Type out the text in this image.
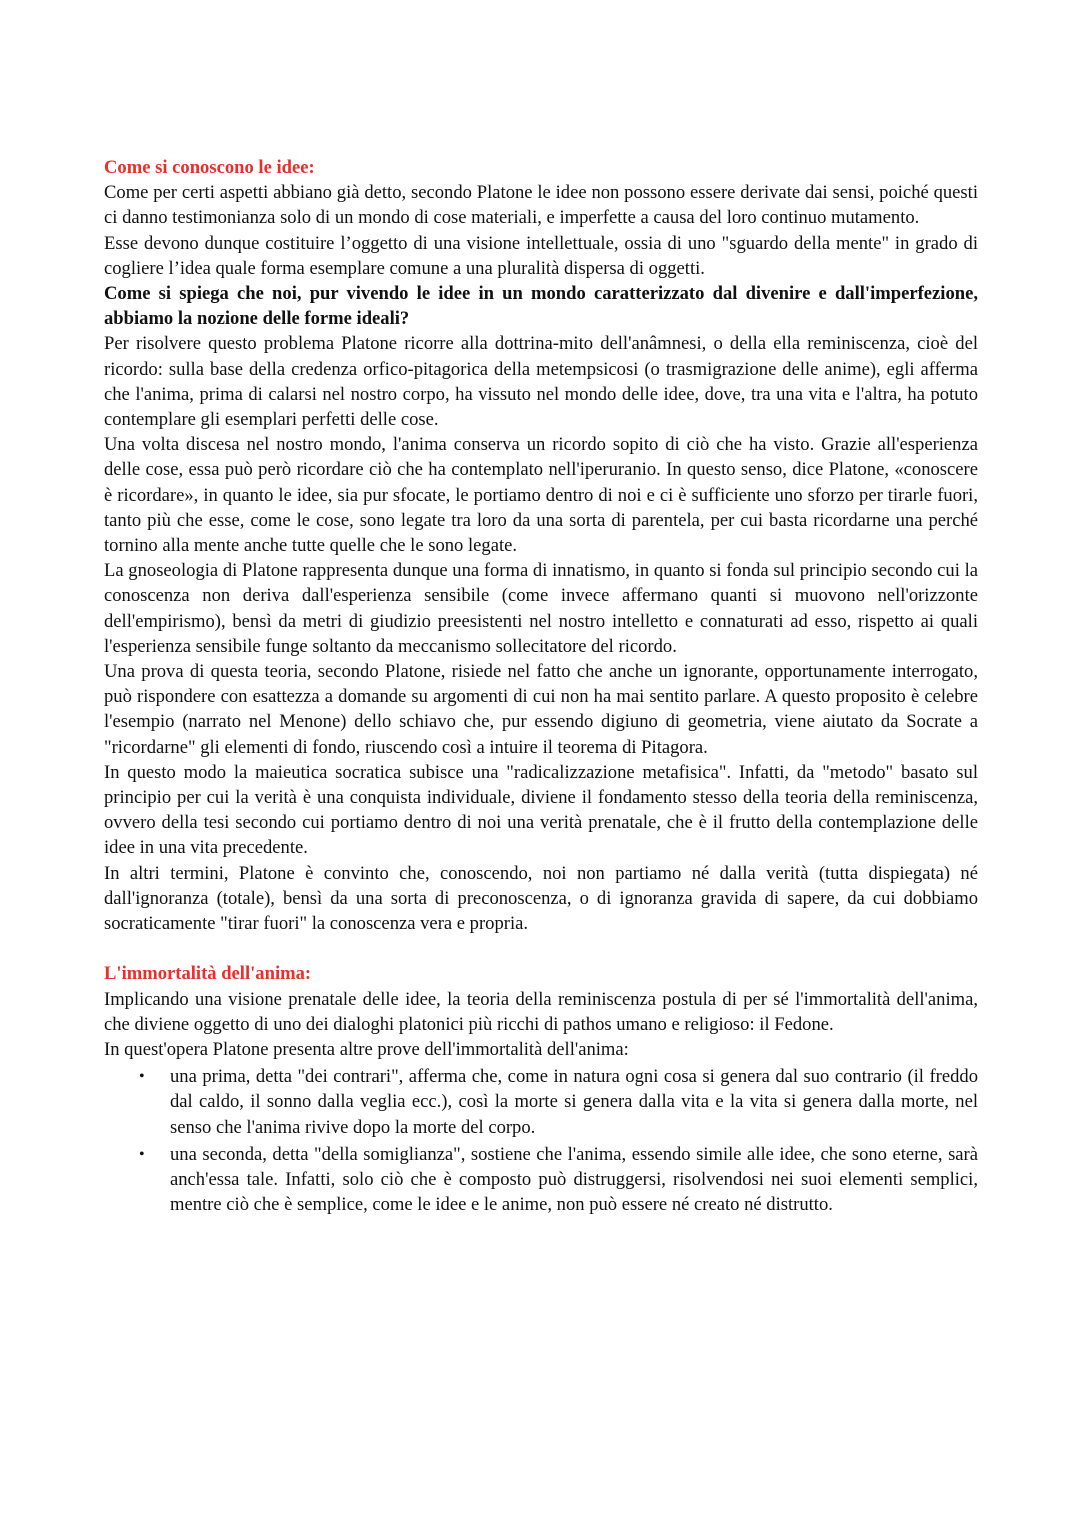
Come si conoscono le idee:

Come per certi aspetti abbiano già detto, secondo Platone le idee non possono essere derivate dai sensi, poiché questi ci danno testimonianza solo di un mondo di cose materiali, e imperfette a causa del loro continuo mutamento.

Esse devono dunque costituire l’oggetto di una visione intellettuale, ossia di uno "sguardo della mente" in grado di cogliere l’idea quale forma esemplare comune a una pluralità dispersa di oggetti.

Come si spiega che noi, pur vivendo le idee in un mondo caratterizzato dal divenire e dall'imperfezione, abbiamo la nozione delle forme ideali?

Per risolvere questo problema Platone ricorre alla dottrina-mito dell'anâmnesi, o della ella reminiscenza, cioè del ricordo: sulla base della credenza orfico-pitagorica della metempsicosi (o trasmigrazione delle anime), egli afferma che l'anima, prima di calarsi nel nostro corpo, ha vissuto nel mondo delle idee, dove, tra una vita e l'altra, ha potuto contemplare gli esemplari perfetti delle cose.

Una volta discesa nel nostro mondo, l'anima conserva un ricordo sopito di ciò che ha visto. Grazie all'esperienza delle cose, essa può però ricordare ciò che ha contemplato nell'iperuranio. In questo senso, dice Platone, «conoscere è ricordare», in quanto le idee, sia pur sfocate, le portiamo dentro di noi e ci è sufficiente uno sforzo per tirarle fuori, tanto più che esse, come le cose, sono legate tra loro da una sorta di parentela, per cui basta ricordarne una perché tornino alla mente anche tutte quelle che le sono legate.

La gnoseologia di Platone rappresenta dunque una forma di innatismo, in quanto si fonda sul principio secondo cui la conoscenza non deriva dall'esperienza sensibile (come invece affermano quanti si muovono nell'orizzonte dell'empirismo), bensì da metri di giudizio preesistenti nel nostro intelletto e connaturati ad esso, rispetto ai quali l'esperienza sensibile funge soltanto da meccanismo sollecitatore del ricordo.

Una prova di questa teoria, secondo Platone, risiede nel fatto che anche un ignorante, opportunamente interrogato, può rispondere con esattezza a domande su argomenti di cui non ha mai sentito parlare. A questo proposito è celebre l'esempio (narrato nel Menone) dello schiavo che, pur essendo digiuno di geometria, viene aiutato da Socrate a "ricordarne" gli elementi di fondo, riuscendo così a intuire il teorema di Pitagora.

In questo modo la maieutica socratica subisce una "radicalizzazione metafisica". Infatti, da "metodo" basato sul principio per cui la verità è una conquista individuale, diviene il fondamento stesso della teoria della reminiscenza, ovvero della tesi secondo cui portiamo dentro di noi una verità prenatale, che è il frutto della contemplazione delle idee in una vita precedente.

In altri termini, Platone è convinto che, conoscendo, noi non partiamo né dalla verità (tutta dispiegata) né dall'ignoranza (totale), bensì da una sorta di preconoscenza, o di ignoranza gravida di sapere, da cui dobbiamo socraticamente "tirar fuori" la conoscenza vera e propria.

L'immortalità dell'anima:

Implicando una visione prenatale delle idee, la teoria della reminiscenza postula di per sé l'immortalità dell'anima, che diviene oggetto di uno dei dialoghi platonici più ricchi di pathos umano e religioso: il Fedone.

In quest'opera Platone presenta altre prove dell'immortalità dell'anima:

• una prima, detta "dei contrari", afferma che, come in natura ogni cosa si genera dal suo contrario (il freddo dal caldo, il sonno dalla veglia ecc.), così la morte si genera dalla vita e la vita si genera dalla morte, nel senso che l'anima rivive dopo la morte del corpo.
• una seconda, detta "della somiglianza", sostiene che l'anima, essendo simile alle idee, che sono eterne, sarà anch'essa tale. Infatti, solo ciò che è composto può distruggersi, risolvendosi nei suoi elementi semplici, mentre ciò che è semplice, come le idee e le anime, non può essere né creato né distrutto.
